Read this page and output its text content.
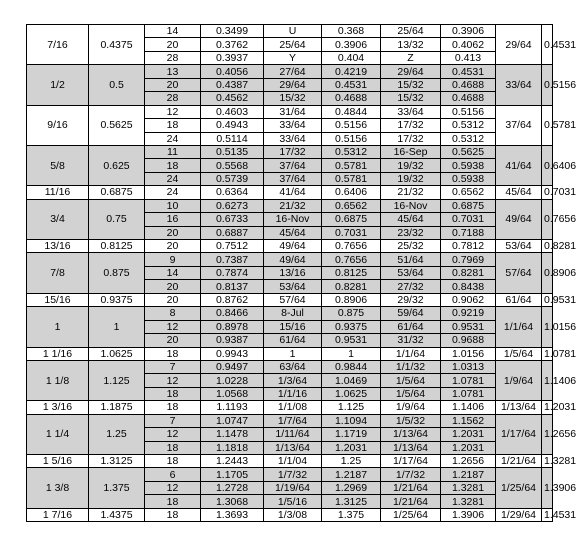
7/16	0.4375	14	0.3499	U	0.368	25/64	0.3906	29/64	0.4531
		20	0.3762	25/64	0.3906	13/32	0.4062		
		28	0.3937	Y	0.404	Z	0.413		
1/2	0.5	13	0.4056	27/64	0.4219	29/64	0.4531	33/64	0.5156
		20	0.4387	29/64	0.4531	15/32	0.4688		
		28	0.4562	15/32	0.4688	15/32	0.4688		
9/16	0.5625	12	0.4603	31/64	0.4844	33/64	0.5156	37/64	0.5781
		18	0.4943	33/64	0.5156	17/32	0.5312		
		24	0.5114	33/64	0.5156	17/32	0.5312		
5/8	0.625	11	0.5135	17/32	0.5312	16-Sep	0.5625	41/64	0.6406
		18	0.5568	37/64	0.5781	19/32	0.5938		
		24	0.5739	37/64	0.5781	19/32	0.5938		
11/16	0.6875	24	0.6364	41/64	0.6406	21/32	0.6562	45/64	0.7031
3/4	0.75	10	0.6273	21/32	0.6562	16-Nov	0.6875	49/64	0.7656
		16	0.6733	16-Nov	0.6875	45/64	0.7031		
		20	0.6887	45/64	0.7031	23/32	0.7188		
13/16	0.8125	20	0.7512	49/64	0.7656	25/32	0.7812	53/64	0.8281
7/8	0.875	9	0.7387	49/64	0.7656	51/64	0.7969	57/64	0.8906
		14	0.7874	13/16	0.8125	53/64	0.8281		
		20	0.8137	53/64	0.8281	27/32	0.8438		
15/16	0.9375	20	0.8762	57/64	0.8906	29/32	0.9062	61/64	0.9531
1	1	8	0.8466	8-Jul	0.875	59/64	0.9219	1/1/64	1.0156
		12	0.8978	15/16	0.9375	61/64	0.9531		
		20	0.9387	61/64	0.9531	31/32	0.9688		
1 1/16	1.0625	18	0.9943	1	1	1/1/64	1.0156	1/5/64	1.0781
1 1/8	1.125	7	0.9497	63/64	0.9844	1/1/32	1.0313	1/9/64	1.1406
		12	1.0228	1/3/64	1.0469	1/5/64	1.0781		
		18	1.0568	1/1/16	1.0625	1/5/64	1.0781		
1 3/16	1.1875	18	1.1193	1/1/08	1.125	1/9/64	1.1406	1/13/64	1.2031
1 1/4	1.25	7	1.0747	1/7/64	1.1094	1/5/32	1.1562	1/17/64	1.2656
		12	1.1478	1/11/64	1.1719	1/13/64	1.2031		
		18	1.1818	1/13/64	1.2031	1/13/64	1.2031		
1 5/16	1.3125	18	1.2443	1/1/04	1.25	1/17/64	1.2656	1/21/64	1.3281
1 3/8	1.375	6	1.1705	1/7/32	1.2187	1/7/32	1.2187	1/25/64	1.3906
		12	1.2728	1/19/64	1.2969	1/21/64	1.3281		
		18	1.3068	1/5/16	1.3125	1/21/64	1.3281		
1 7/16	1.4375	18	1.3693	1/3/08	1.375	1/25/64	1.3906	1/29/64	1.4531
